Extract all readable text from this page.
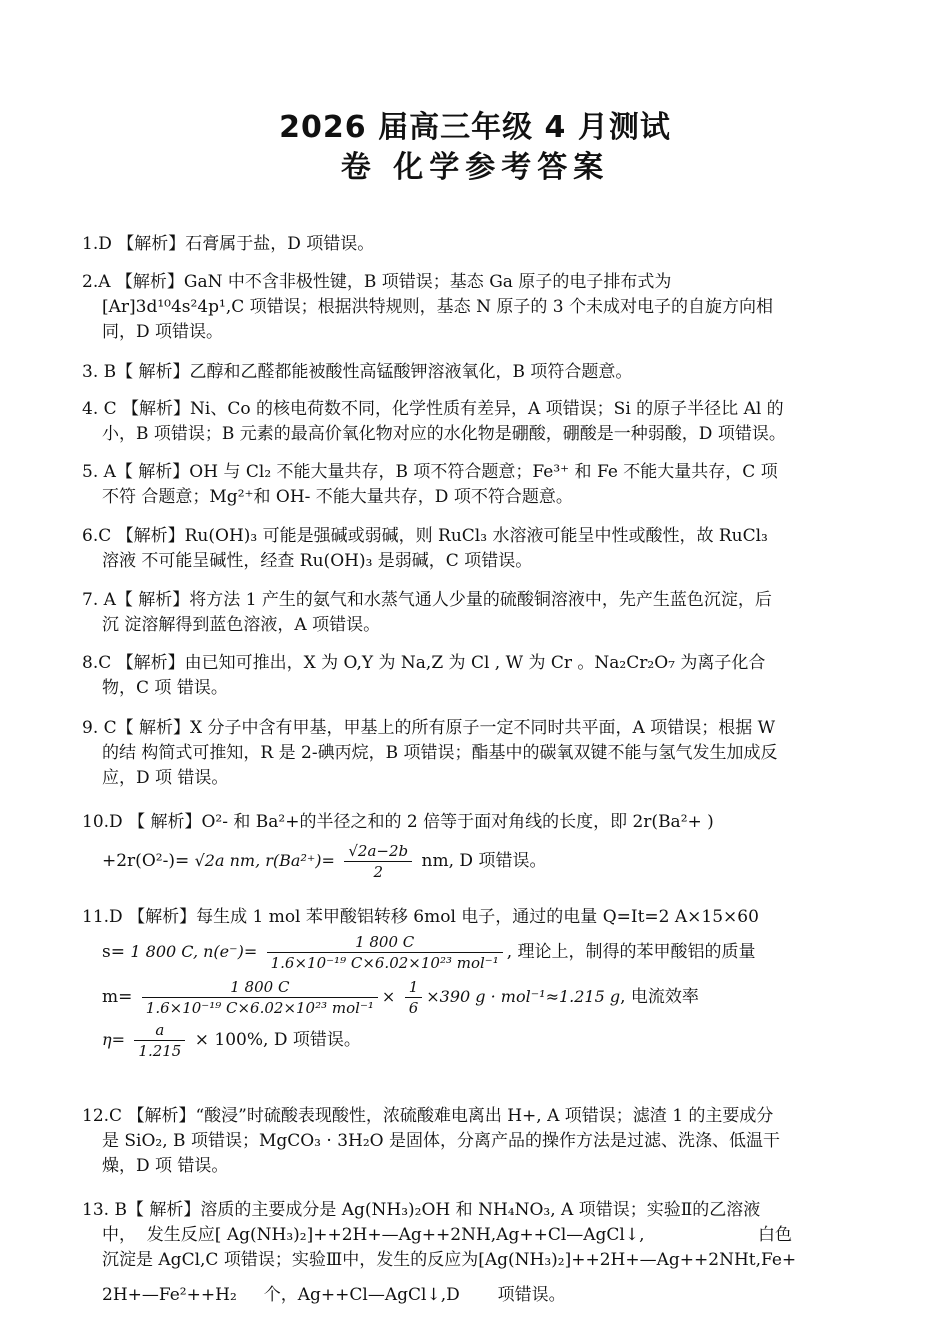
2026 届高三年级 4 月测试
卷 化学参考答案
1.D 【解析】石膏属于盐，D 项错误。
2.A 【解析】GaN 中不含非极性键，B 项错误；基态 Ga 原子的电子排布式为
[Ar]3d¹⁰4s²4p¹,C 项错误；根据洪特规则，基态 N 原子的 3 个未成对电子的自旋方向相
同，D 项错误。
3. B【 解析】乙醇和乙醛都能被酸性高锰酸钾溶液氧化，B 项符合题意。
4. C 【解析】Ni、Co 的核电荷数不同，化学性质有差异，A 项错误；Si 的原子半径比 Al 的
小，B 项错误；B 元素的最高价氧化物对应的水化物是硼酸，硼酸是一种弱酸，D 项错误。
5. A【 解析】OH 与 Cl₂ 不能大量共存，B 项不符合题意；Fe³⁺ 和 Fe 不能大量共存，C 项
不符 合题意；Mg²⁺和 OH- 不能大量共存，D 项不符合题意。
6.C 【解析】Ru(OH)₃ 可能是强碱或弱碱，则 RuCl₃ 水溶液可能呈中性或酸性，故 RuCl₃
溶液 不可能呈碱性，经查 Ru(OH)₃ 是弱碱，C 项错误。
7. A【 解析】将方法 1 产生的氨气和水蒸气通人少量的硫酸铜溶液中，先产生蓝色沉淀，后
沉 淀溶解得到蓝色溶液，A 项错误。
8.C 【解析】由已知可推出，X 为 O,Y 为 Na,Z 为 Cl , W 为 Cr 。Na₂Cr₂O₇ 为离子化合
物，C 项 错误。
9. C【 解析】X 分子中含有甲基，甲基上的所有原子一定不同时共平面，A 项错误；根据 W
的结 构简式可推知，R 是 2-碘丙烷，B 项错误；酯基中的碳氧双键不能与氢气发生加成反
应，D 项 错误。
10.D 【 解析】O²- 和 Ba²+的半径之和的 2 倍等于面对角线的长度，即 2r(Ba²+ )
+2r(O²-)= √2a nm, $r(Ba^{2+})= \frac{√2a-2b}{2}$ nm, D 项错误。
11.D 【解析】每生成 1 mol 苯甲酸铝转移 6mol 电子，通过的电量 Q=It=2 A×15×60
s= 1 800 C, $n(e^-)= \frac{1 800 C}{\text{1.6×10⁻¹⁹ C×6.02×10²³ mol⁻¹}}$ , 理论上，制得的苯甲酸铝的质量
$m= \frac{1 800 C}{\text{1.6×10⁻¹⁹ C×6.02×10²³ mol⁻¹}} \times \frac{1}{6} \times 390$ g · mol⁻¹≈1.215 g, 电流效率
$\eta= \frac{a}{1.215} \times 100\%$, D 项错误。
12.C 【解析】“酸浸”时硫酸表现酸性，浓硫酸难电离出 H+, A 项错误；滤渣 1 的主要成分
是 SiO₂, B 项错误；MgCO₃ · 3H₂O 是固体，分离产品的操作方法是过滤、洗涤、低温干
燥，D 项 错误。
13. B【 解析】溶质的主要成分是 Ag(NH₃)₂OH 和 NH₄NO₃, A 项错误；实验Ⅱ的乙溶液
中，  发生反应[ Ag(NH₃)₂]++2H+—Ag++2NH,Ag++Cl—AgCl↓,                     白色
沉淀是 AgCl,C 项错误；实验Ⅲ中，发生的反应为[Ag(NH₃)₂]++2H+—Ag++2NHt,Fe+
2H+—Fe²++H₂     个，Ag++Cl—AgCl↓,D       项错误。
